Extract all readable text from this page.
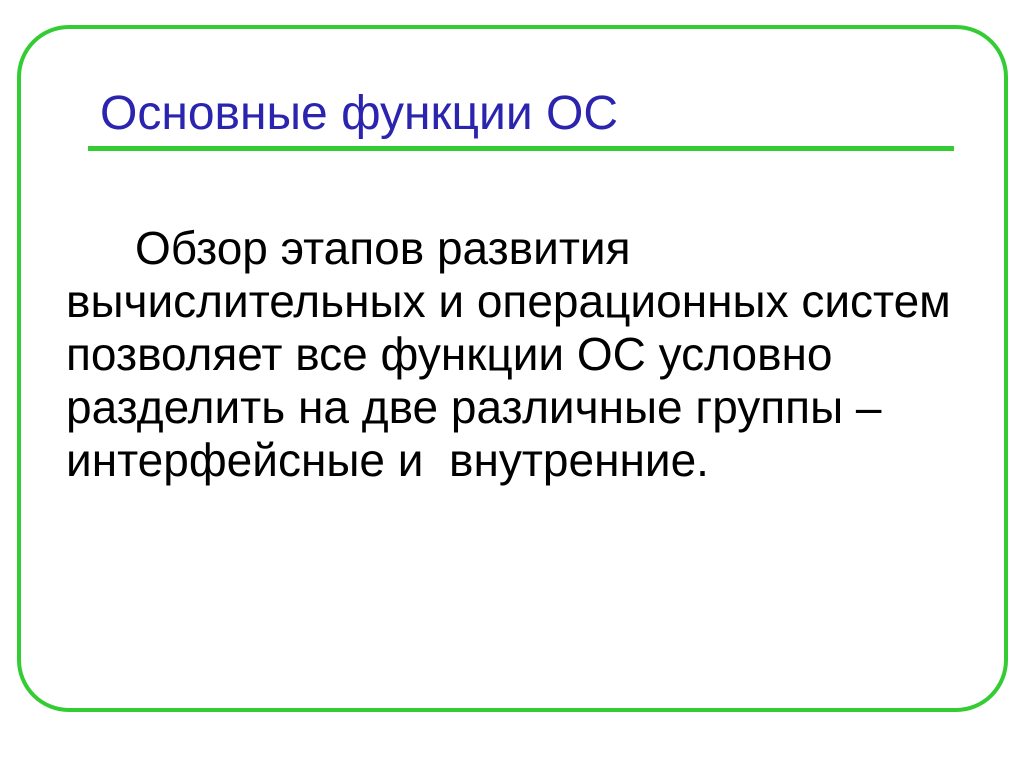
Основные функции ОС
Обзор этапов развития
вычислительных и операционных систем
позволяет все функции ОС условно
разделить на две различные группы –
интерфейсные и  внутренние.
